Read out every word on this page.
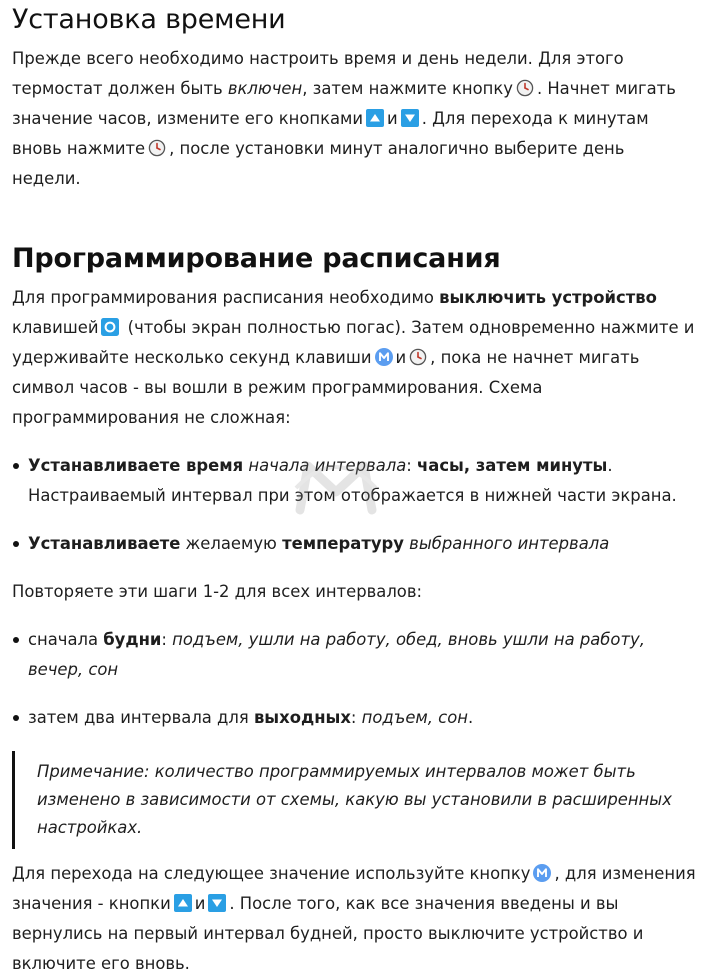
Установка времени

Прежде всего необходимо настроить время и день недели. Для этого термостат должен быть включен, затем нажмите кнопку . Начнет мигать значение часов, измените его кнопками и . Для перехода к минутам вновь нажмите , после установки минут аналогично выберите день недели.

Программирование расписания

Для программирования расписания необходимо выключить устройство клавишей
(чтобы экран полностью погас). Затем одновременно нажмите и удерживайте несколько секунд клавиши и , пока не начнет мигать символ часов - вы вошли в режим программирования. Схема программирования не сложная:

Устанавливаете время начала интервала: часы, затем минуты. Настраиваемый интервал при этом отображается в нижней части экрана.
Устанавливаете желаемую температуру выбранного интервала

Повторяете эти шаги 1-2 для всех интервалов:

сначала будни: подъем, ушли на работу, обед, вновь ушли на работу, вечер, сон
затем два интервала для выходных: подъем, сон.

Примечание: количество программируемых интервалов может быть изменено в зависимости от схемы, какую вы установили в расширенных настройках.

Для перехода на следующее значение используйте кнопку , для изменения значения - кнопки и . После того, как все значения введены и вы вернулись на первый интервал будней, просто выключите устройство и включите его вновь.
